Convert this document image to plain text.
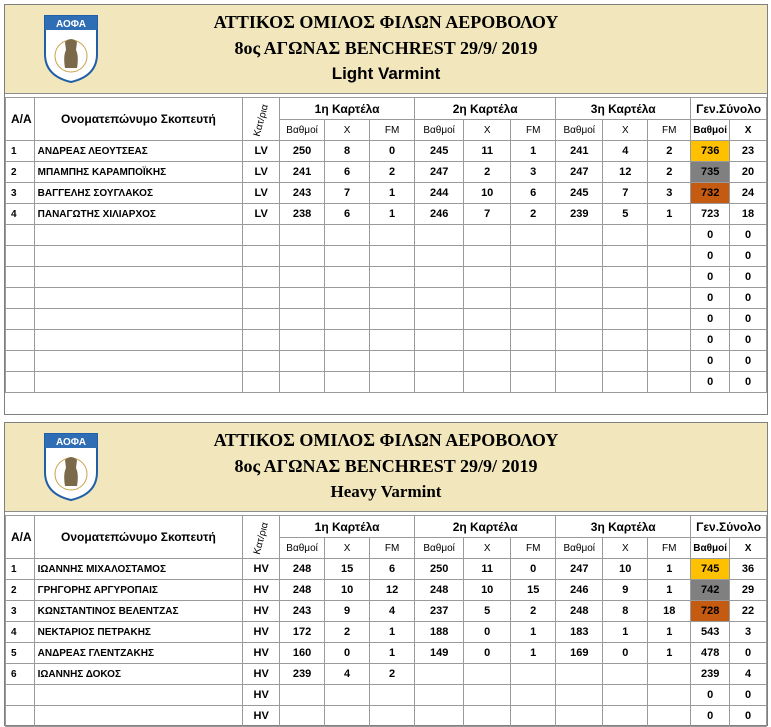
ΑΟΦΑ	ΑΤΤΙΚΟΣ ΟΜΙΛΟΣ ΦΙΛΩΝ ΑΕΡΟΒΟΛΟΥ
8ος ΑΓΩΝΑΣ BENCHREST 29/9/ 2019
Light Varmint
Α/Α	Ονοματεπώνυμο Σκοπευτή	Κατ/ρια	1η Καρτέλα			2η Καρτέλα			3η Καρτέλα			Γεν.Σύνολο	
			Βαθμοί	Χ	FM	Βαθμοί	Χ	FM	Βαθμοί	Χ	FM	Βαθμοί	Χ
1	ΑΝΔΡΕΑΣ ΛΕΟΥΤΣΕΑΣ	LV	250	8	0	245	11	1	241	4	2	736	23
2	ΜΠΑΜΠΗΣ ΚΑΡΑΜΠΟΪΚΗΣ	LV	241	6	2	247	2	3	247	12	2	735	20
3	ΒΑΓΓΕΛΗΣ ΣΟΥΓΛΑΚΟΣ	LV	243	7	1	244	10	6	245	7	3	732	24
4	ΠΑΝΑΓΩΤΗΣ ΧΙΛΙΑΡΧΟΣ	LV	238	6	1	246	7	2	239	5	1	723	18
												0	0
												0	0
												0	0
												0	0
												0	0
												0	0
												0	0
												0	0
ΑΟΦΑ	ΑΤΤΙΚΟΣ ΟΜΙΛΟΣ ΦΙΛΩΝ ΑΕΡΟΒΟΛΟΥ
8ος ΑΓΩΝΑΣ BENCHREST 29/9/ 2019
Heavy Varmint
Α/Α	Ονοματεπώνυμο Σκοπευτή	Κατ/ρια	1η Καρτέλα			2η Καρτέλα			3η Καρτέλα			Γεν.Σύνολο	
			Βαθμοί	Χ	FM	Βαθμοί	Χ	FM	Βαθμοί	Χ	FM	Βαθμοί	Χ
1	ΙΩΑΝΝΗΣ ΜΙΧΑΛΟΣΤΑΜΟΣ	HV	248	15	6	250	11	0	247	10	1	745	36
2	ΓΡΗΓΟΡΗΣ ΑΡΓΥΡΟΠΑΙΣ	HV	248	10	12	248	10	15	246	9	1	742	29
3	ΚΩΝΣΤΑΝΤΙΝΟΣ ΒΕΛΕΝΤΖΑΣ	HV	243	9	4	237	5	2	248	8	18	728	22
4	ΝΕΚΤΑΡΙΟΣ ΠΕΤΡΑΚΗΣ	HV	172	2	1	188	0	1	183	1	1	543	3
5	ΑΝΔΡΕΑΣ ΓΛΕΝΤΖΑΚΗΣ	HV	160	0	1	149	0	1	169	0	1	478	0
6	ΙΩΑΝΝΗΣ ΔΟΚΟΣ	HV	239	4	2							239	4
		HV										0	0
		HV										0	0
